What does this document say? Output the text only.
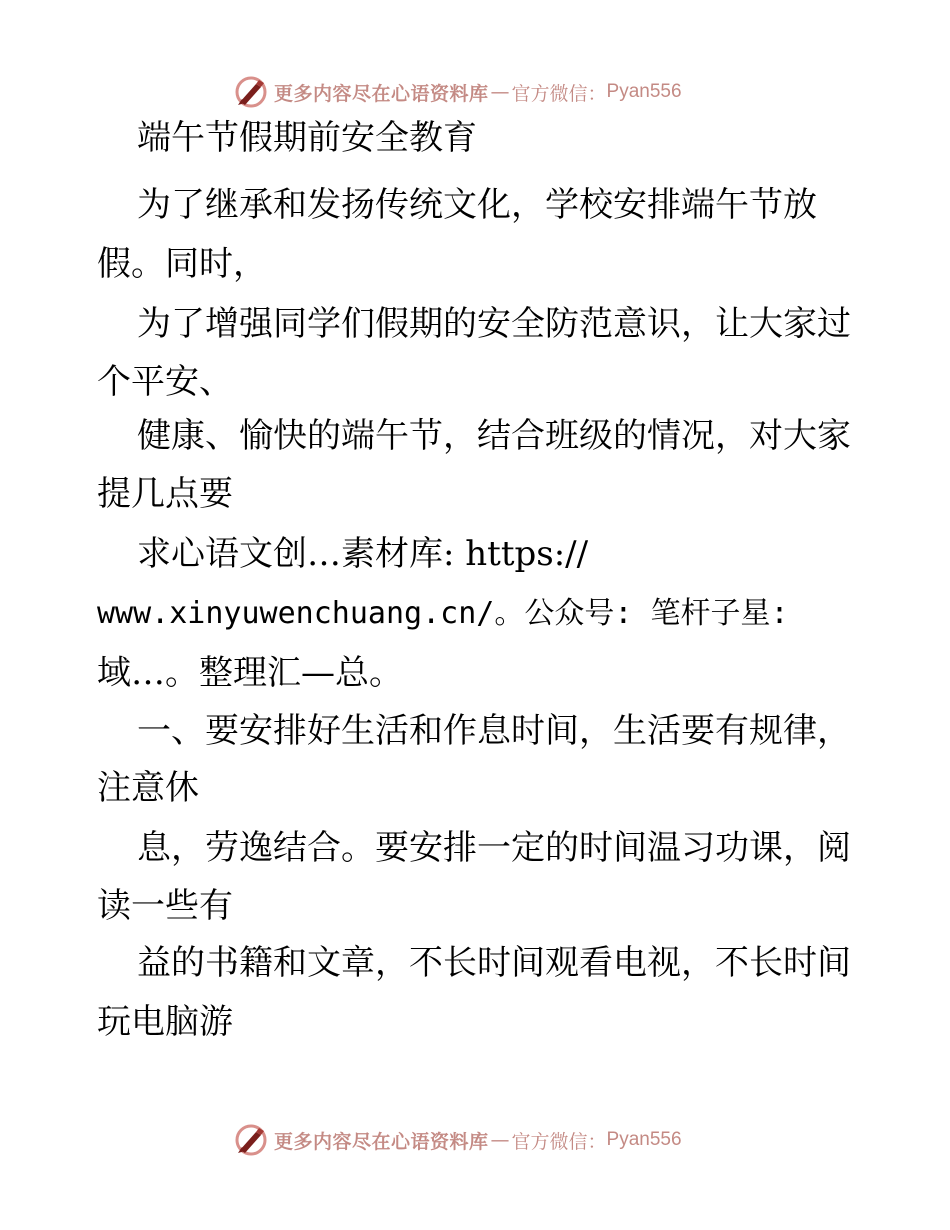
更多内容尽在心语资料库 — 官方微信： Pyan556
端午节假期前安全教育
为了继承和发扬传统文化，学校安排端午节放
假。同时，
为了增强同学们假期的安全防范意识，让大家过
个平安、
健康、愉快的端午节，结合班级的情况，对大家
提几点要
求心语文创…素材库: https://
www.xinyuwenchuang.cn/。公众号: 笔杆子星:
域…。整理汇—总。
一、要安排好生活和作息时间，生活要有规律，
注意休
息，劳逸结合。要安排一定的时间温习功课，阅
读一些有
益的书籍和文章，不长时间观看电视，不长时间
玩电脑游
更多内容尽在心语资料库 — 官方微信： Pyan556
